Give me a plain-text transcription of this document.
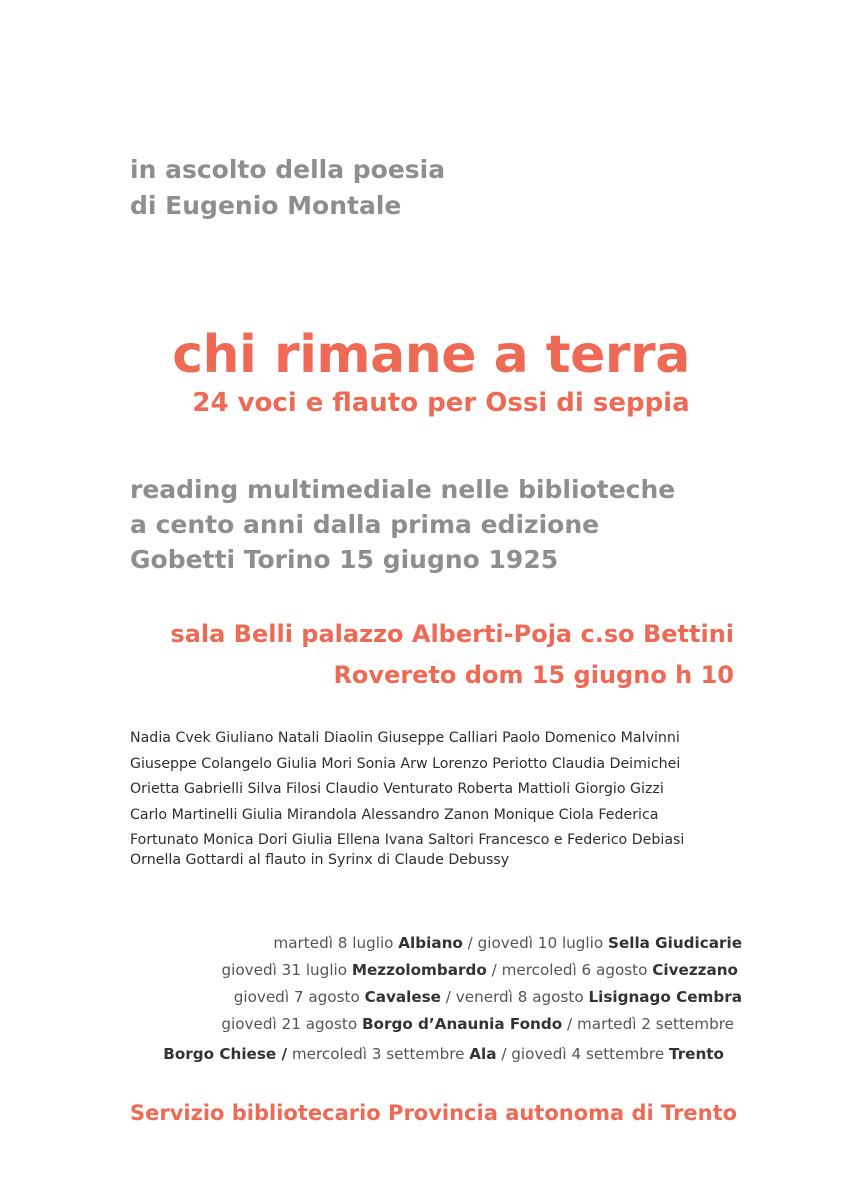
in ascolto della poesia
di Eugenio Montale
chi rimane a terra
24 voci e flauto per Ossi di seppia
reading multimediale nelle biblioteche
a cento anni dalla prima edizione
Gobetti Torino 15 giugno 1925
sala Belli palazzo Alberti-Poja c.so Bettini
Rovereto dom 15 giugno h 10
Nadia Cvek Giuliano Natali Diaolin Giuseppe Calliari Paolo Domenico Malvinni
Giuseppe Colangelo Giulia Mori Sonia Arw Lorenzo Periotto Claudia Deimichei
Orietta Gabrielli Silva Filosi Claudio Venturato Roberta Mattioli Giorgio Gizzi
Carlo Martinelli Giulia Mirandola Alessandro Zanon Monique Ciola Federica
Fortunato Monica Dori Giulia Ellena Ivana Saltori Francesco e Federico Debiasi
Ornella Gottardi al flauto in Syrinx di Claude Debussy
martedì 8 luglio Albiano / giovedì 10 luglio Sella Giudicarie
giovedì 31 luglio Mezzolombardo / mercoledì 6 agosto Civezzano
giovedì 7 agosto Cavalese / venerdì 8 agosto Lisignago Cembra
giovedì 21 agosto Borgo d’Anaunia Fondo / martedì 2 settembre
Borgo Chiese / mercoledì 3 settembre Ala / giovedì 4 settembre Trento
Servizio bibliotecario Provincia autonoma di Trento
